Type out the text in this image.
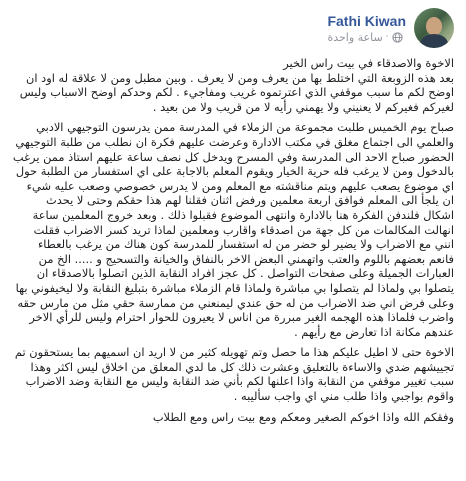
Fathi Kiwan
·
ساعة واحدة

الاخوة والاصدقاء في بيت راس الخير
بعد هذه الزوبعة التي اختلط بها من يعرف ومن لا يعرف . وبين مطبل ومن لا علاقة له اود ان اوضح لكم ما سبب موقفي الذي اعترتموه غريب ومفاجيء . لكم وحدكم اوضح الاسباب وليس لغيركم فغيركم لا يعنيني ولا يهمني رأيه لا من قريب ولا من بعيد .

صباح يوم الخميس طلبت مجموعة من الزملاء في المدرسة ممن يدرسون التوجيهي الادبي والعلمي الى اجتماع مغلق في مكتب الادارة وعرضت عليهم فكرة ان نطلب من طلبة التوجيهي الحضور صباح الاحد الى المدرسة وفي المسرح ويدخل كل نصف ساعة عليهم استاذ ممن يرغب بالدخول ومن لا يرغب فله حرية الخيار ويقوم المعلم بالاجابة على اي استفسار من الطلبة حول اي موضوع يصعب عليهم ويتم مناقشته مع المعلم ومن لا يدرس خصوصي وصعب عليه شيء ان يلجأ الى المعلم فوافق اربعة معلمين ورفض اثنان فقلنا لهم هذا حقكم وحتى لا يحدث اشكال فلندفن الفكرة هنا بالادارة وانتهى الموضوع فقبلوا ذلك . وبعد خروج المعلمين ساعة انهالت المكالمات من كل جهة من اصدقاء واقارب ومعلمين لماذا تريد كسر الاضراب فقلت انني مع الاضراب ولا يضير لو حضر من له استفسار للمدرسة كون هناك من يرغب بالعطاء فانعم بعضهم باللوم والعتب واتهمني البعض الاخر بالنفاق والخيانة والتسحيج و ..... الخ من العبارات الجميلة وعلى صفحات التواصل . كل عجز افراد النقابة الذين اتصلوا بالاصدقاء ان يتصلوا بي ولماذا لم يتصلوا بي مباشرة ولماذا قام الزملاء مباشرة بتبليغ النقابة ولا ليخيفوني بها وعلى فرض اني ضد الاضراب من له حق عندي ليمنعني من ممارسة حقي مثل من مارس حقه واضرب فلماذا هذه الهجمه الغير مبررة من اناس لا يعيرون للحوار احترام وليس للرأي الاخر عندهم مكانة اذا تعارض مع رأيهم .

الاخوة حتى لا اطيل عليكم هذا ما حصل وتم تهويله كثير من لا اريد ان اسميهم بما يستحقون تم تجييشهم ضدي والاساءة بالتعليق وعشرت ذلك كل ما لدي المعلق من اخلاق ليس اكثر وهذا سبب تغيير موقفي من النقابة واذا اعلنها لكم بأني ضد النقابة وليس مع النقابة وضد الاضراب واقوم بواجبي واذا طلب مني اي واجب سأليبه .

وفقكم الله واذا اخوكم الصغير ومعكم ومع بيت راس ومع الطلاب
